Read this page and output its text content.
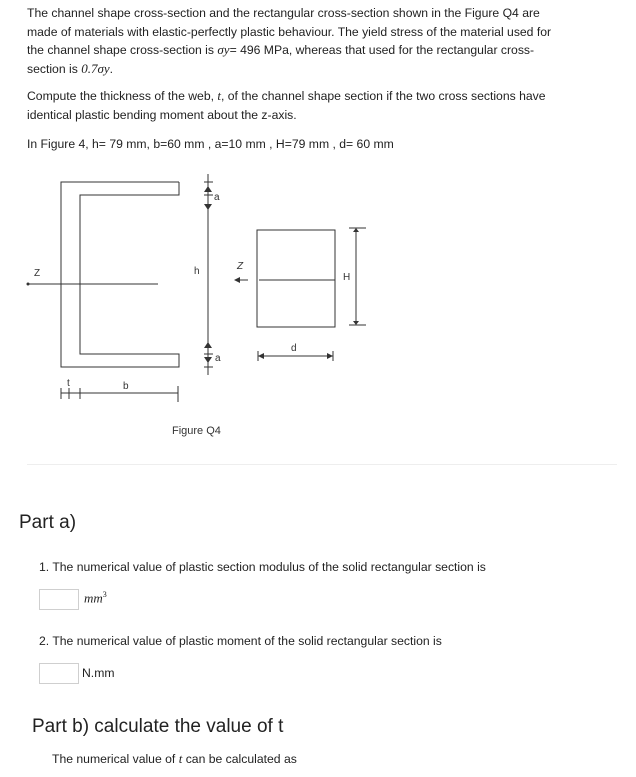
The channel shape cross-section and the rectangular cross-section shown in the Figure Q4 are
made of materials with elastic-perfectly plastic behaviour. The yield stress of the material used for
the channel shape cross-section is σy= 496 MPa, whereas that used for the rectangular cross-
section is 0.7σy.
Compute the thickness of the web, t, of the channel shape section if the two cross sections have
identical plastic bending moment about the z-axis.
In Figure 4, h= 79 mm, b=60 mm , a=10 mm , H=79 mm , d= 60 mm
Z
Z
h
a
a
H
d
t	b
Figure Q4
Part a)
1. The numerical value of plastic section modulus of the solid rectangular section is
$mm^3$
2. The numerical value of plastic moment of the solid rectangular section is
N.mm
Part b) calculate the value of t
The numerical value of t can be calculated as
